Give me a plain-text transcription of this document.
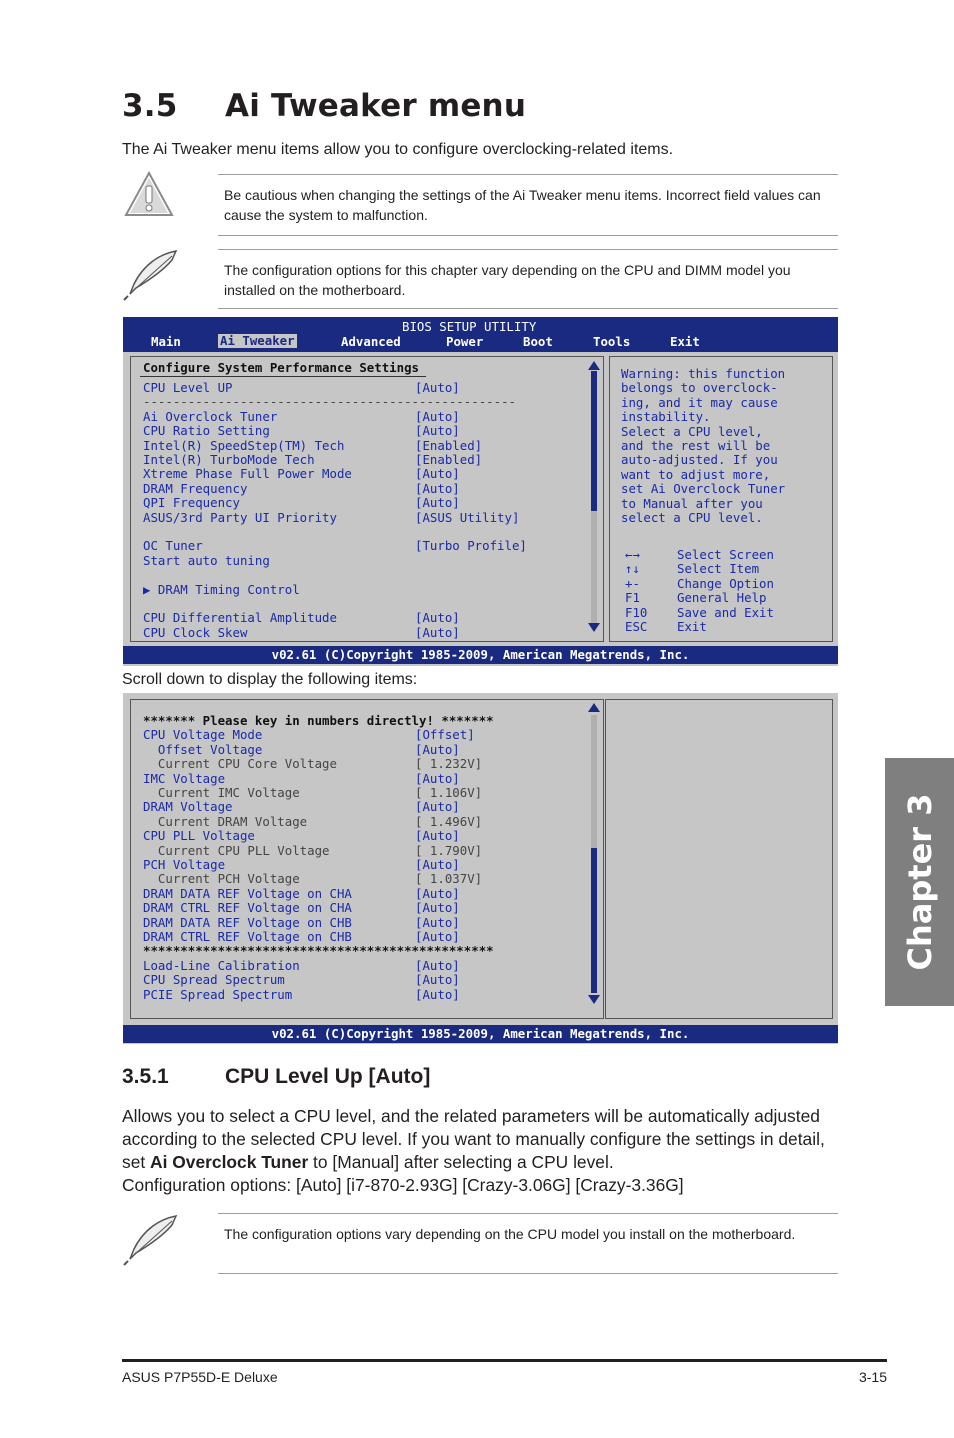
3.5 Ai Tweaker menu
The Ai Tweaker menu items allow you to configure overclocking-related items.
Be cautious when changing the settings of the Ai Tweaker menu items. Incorrect field values can cause the system to malfunction.
The configuration options for this chapter vary depending on the CPU and DIMM model you installed on the motherboard.
BIOS SETUP UTILITY
Main	Ai Tweaker	Advanced	Power	Boot	Tools	Exit
Configure System Performance Settings
CPU Level UP	[Auto]
--------------------------------------------------
Ai Overclock Tuner	[Auto]
CPU Ratio Setting	[Auto]
Intel(R) SpeedStep(TM) Tech	[Enabled]
Intel(R) TurboMode Tech	[Enabled]
Xtreme Phase Full Power Mode	[Auto]
DRAM Frequency	[Auto]
QPI Frequency	[Auto]
ASUS/3rd Party UI Priority	[ASUS Utility]
OC Tuner	[Turbo Profile]
Start auto tuning
▶ DRAM Timing Control
CPU Differential Amplitude	[Auto]
CPU Clock Skew	[Auto]
Warning: this function
belongs to overclock-
ing, and it may cause
instability.
Select a CPU level,
and the rest will be
auto-adjusted. If you
want to adjust more,
set Ai Overclock Tuner
to Manual after you
select a CPU level.
←→	Select Screen
↑↓	Select Item
+-	Change Option
F1	General Help
F10 Save and Exit
ESC Exit
v02.61 (C)Copyright 1985-2009, American Megatrends, Inc.
Scroll down to display the following items:
******* Please key in numbers directly! *******
CPU Voltage Mode	[Offset]
Offset Voltage	[Auto]
Current CPU Core Voltage	[ 1.232V]
IMC Voltage	[Auto]
Current IMC Voltage	[ 1.106V]
DRAM Voltage	[Auto]
Current DRAM Voltage	[ 1.496V]
CPU PLL Voltage	[Auto]
Current CPU PLL Voltage	[ 1.790V]
PCH Voltage	[Auto]
Current PCH Voltage	[ 1.037V]
DRAM DATA REF Voltage on CHA	[Auto]
DRAM CTRL REF Voltage on CHA	[Auto]
DRAM DATA REF Voltage on CHB	[Auto]
DRAM CTRL REF Voltage on CHB	[Auto]
***********************************************
Load-Line Calibration	[Auto]
CPU Spread Spectrum	[Auto]
PCIE Spread Spectrum	[Auto]
v02.61 (C)Copyright 1985-2009, American Megatrends, Inc.
Chapter 3
3.5.1	CPU Level Up [Auto]
Allows you to select a CPU level, and the related parameters will be automatically adjusted according to the selected CPU level. If you want to manually configure the settings in detail, set Ai Overclock Tuner to [Manual] after selecting a CPU level.
Configuration options: [Auto] [i7-870-2.93G] [Crazy-3.06G] [Crazy-3.36G]
The configuration options vary depending on the CPU model you install on the motherboard.
ASUS P7P55D-E Deluxe	3-15
